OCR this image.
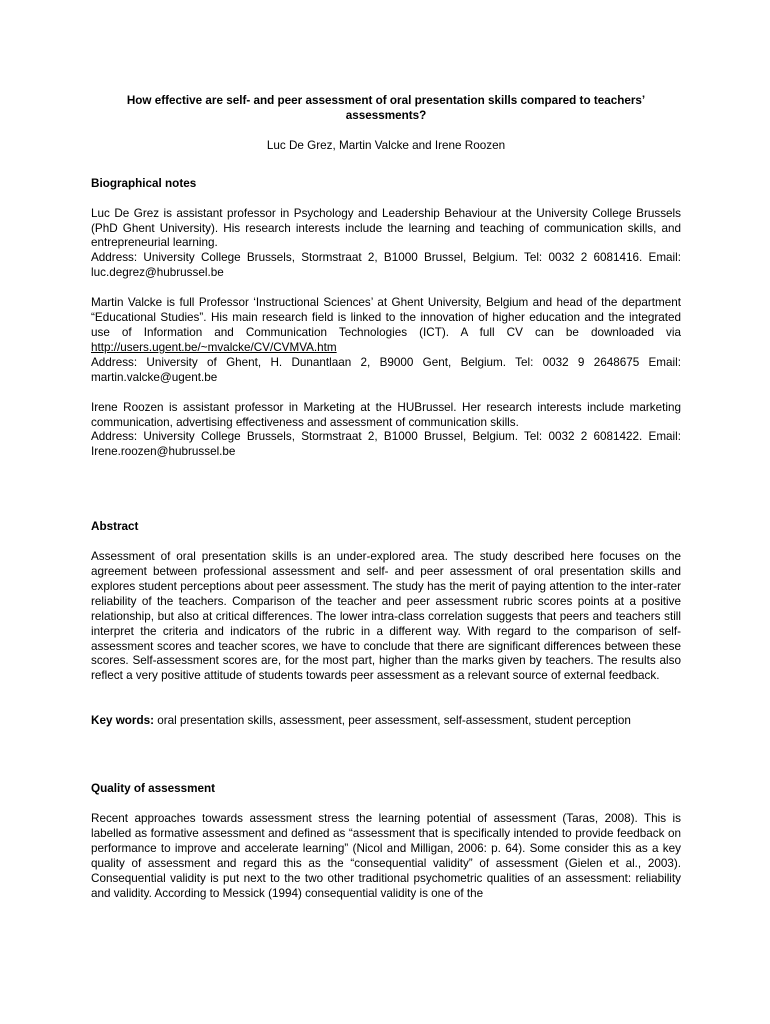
How effective are self- and peer assessment of oral presentation skills compared to teachers’ assessments?
Luc De Grez, Martin Valcke and Irene Roozen
Biographical notes

Luc De Grez is assistant professor in Psychology and Leadership Behaviour at the University College Brussels (PhD Ghent University). His research interests include the learning and teaching of communication skills, and entrepreneurial learning.

Address: University College Brussels, Stormstraat 2, B1000 Brussel, Belgium. Tel: 0032 2 6081416. Email: luc.degrez@hubrussel.be

Martin Valcke is full Professor ‘Instructional Sciences’ at Ghent University, Belgium and head of the department “Educational Studies”. His main research field is linked to the innovation of higher education and the integrated use of Information and Communication Technologies (ICT). A full CV can be downloaded via http://users.ugent.be/~mvalcke/CV/CVMVA.htm

Address: University of Ghent, H. Dunantlaan 2, B9000 Gent, Belgium. Tel: 0032 9 2648675 Email: martin.valcke@ugent.be

Irene Roozen is assistant professor in Marketing at the HUBrussel. Her research interests include marketing communication, advertising effectiveness and assessment of communication skills.

Address: University College Brussels, Stormstraat 2, B1000 Brussel, Belgium. Tel: 0032 2 6081422. Email: Irene.roozen@hubrussel.be

Abstract

Assessment of oral presentation skills is an under-explored area. The study described here focuses on the agreement between professional assessment and self- and peer assessment of oral presentation skills and explores student perceptions about peer assessment. The study has the merit of paying attention to the inter-rater reliability of the teachers. Comparison of the teacher and peer assessment rubric scores points at a positive relationship, but also at critical differences. The lower intra-class correlation suggests that peers and teachers still interpret the criteria and indicators of the rubric in a different way. With regard to the comparison of self-assessment scores and teacher scores, we have to conclude that there are significant differences between these scores. Self-assessment scores are, for the most part, higher than the marks given by teachers. The results also reflect a very positive attitude of students towards peer assessment as a relevant source of external feedback.

Key words: oral presentation skills, assessment, peer assessment, self-assessment, student perception

Quality of assessment

Recent approaches towards assessment stress the learning potential of assessment (Taras, 2008). This is labelled as formative assessment and defined as “assessment that is specifically intended to provide feedback on performance to improve and accelerate learning” (Nicol and Milligan, 2006: p. 64). Some consider this as a key quality of assessment and regard this as the “consequential validity” of assessment (Gielen et al., 2003). Consequential validity is put next to the two other traditional psychometric qualities of an assessment: reliability and validity. According to Messick (1994) consequential validity is one of the
